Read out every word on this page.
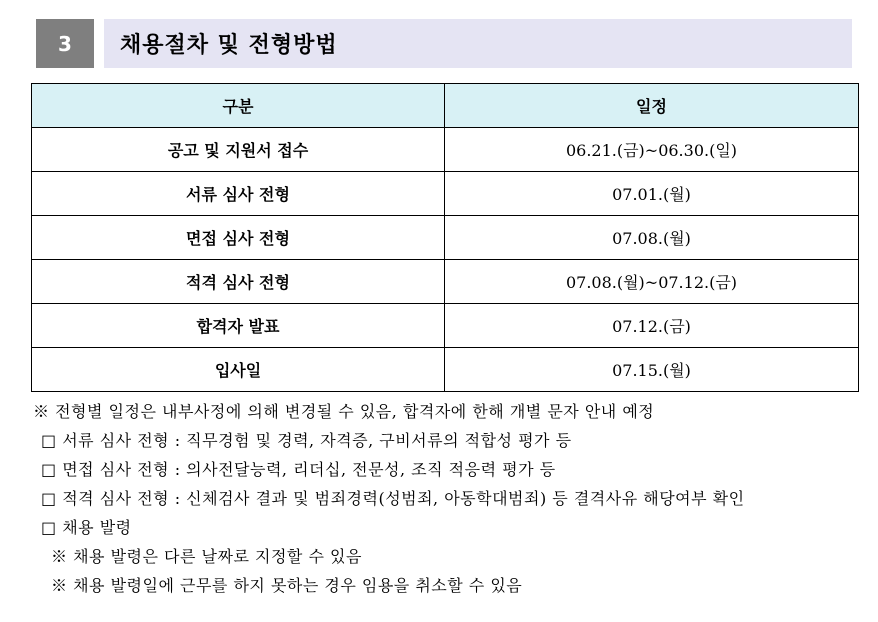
3	채용절차 및 전형방법
구분	일정
공고 및 지원서 접수	06.21.(금)~06.30.(일)
서류 심사 전형	07.01.(월)
면접 심사 전형	07.08.(월)
적격 심사 전형	07.08.(월)~07.12.(금)
합격자 발표	07.12.(금)
입사일	07.15.(월)
※ 전형별 일정은 내부사정에 의해 변경될 수 있음, 합격자에 한해 개별 문자 안내 예정
□ 서류 심사 전형 : 직무경험 및 경력, 자격증, 구비서류의 적합성 평가 등
□ 면접 심사 전형 : 의사전달능력, 리더십, 전문성, 조직 적응력 평가 등
□ 적격 심사 전형 : 신체검사 결과 및 범죄경력(성범죄, 아동학대범죄) 등 결격사유 해당여부 확인
□ 채용 발령
※ 채용 발령은 다른 날짜로 지정할 수 있음
※ 채용 발령일에 근무를 하지 못하는 경우 임용을 취소할 수 있음
